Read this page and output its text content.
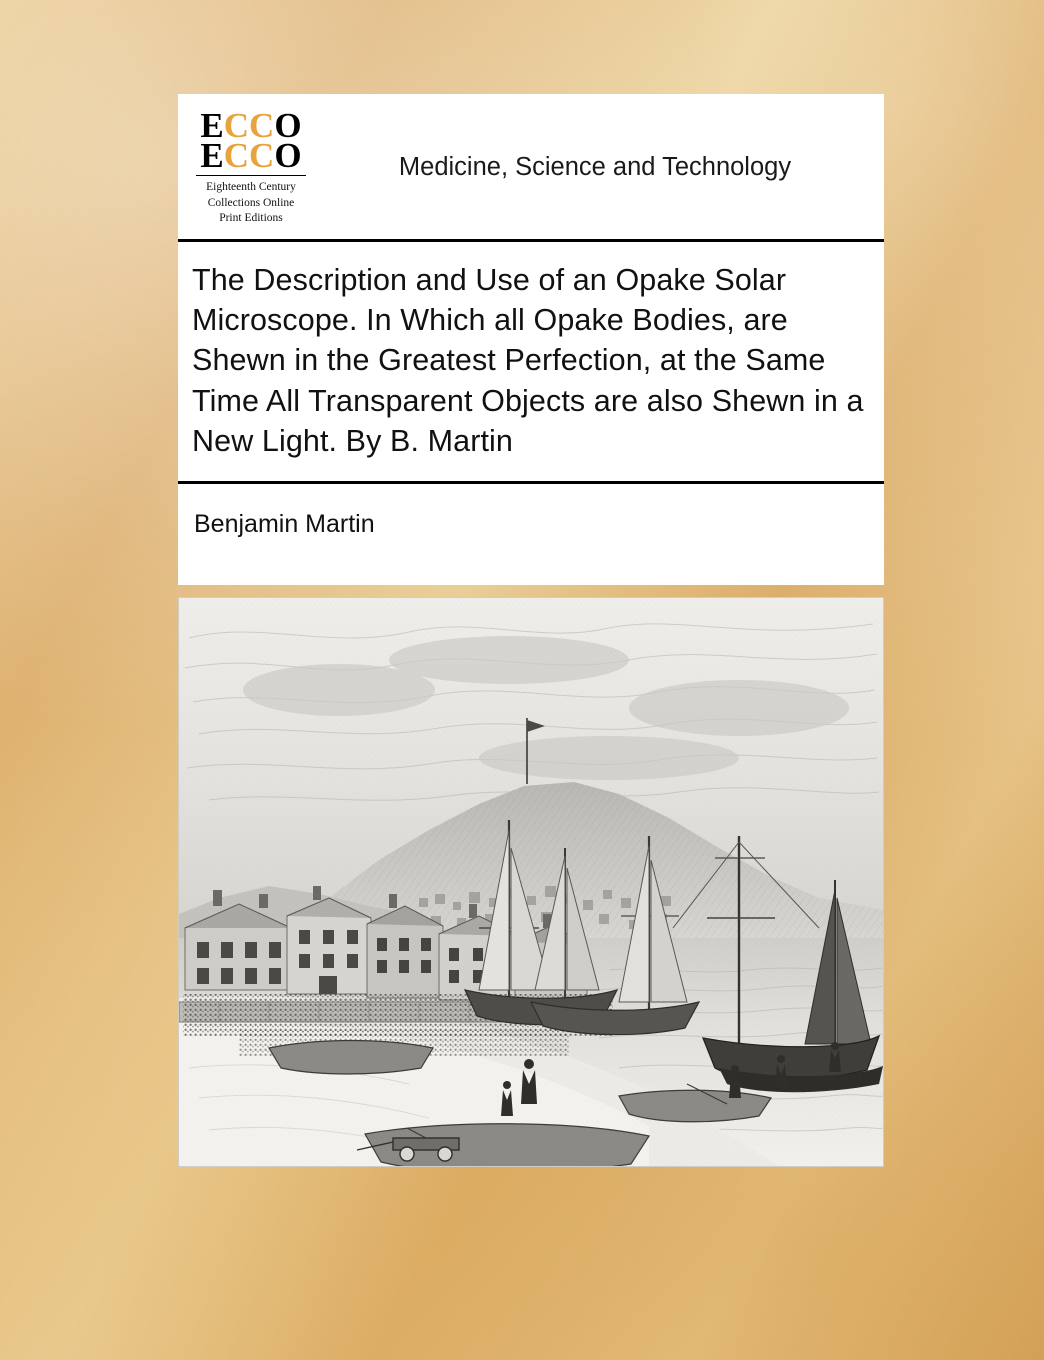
ECCO
ECCO
Eighteenth Century
Collections Online
Print Editions
Medicine, Science and Technology
The Description and Use of an Opake Solar Microscope. In Which all Opake Bodies, are Shewn in the Greatest Perfection, at the Same Time All Transparent Objects are also Shewn in a New Light. By B. Martin
Benjamin Martin
